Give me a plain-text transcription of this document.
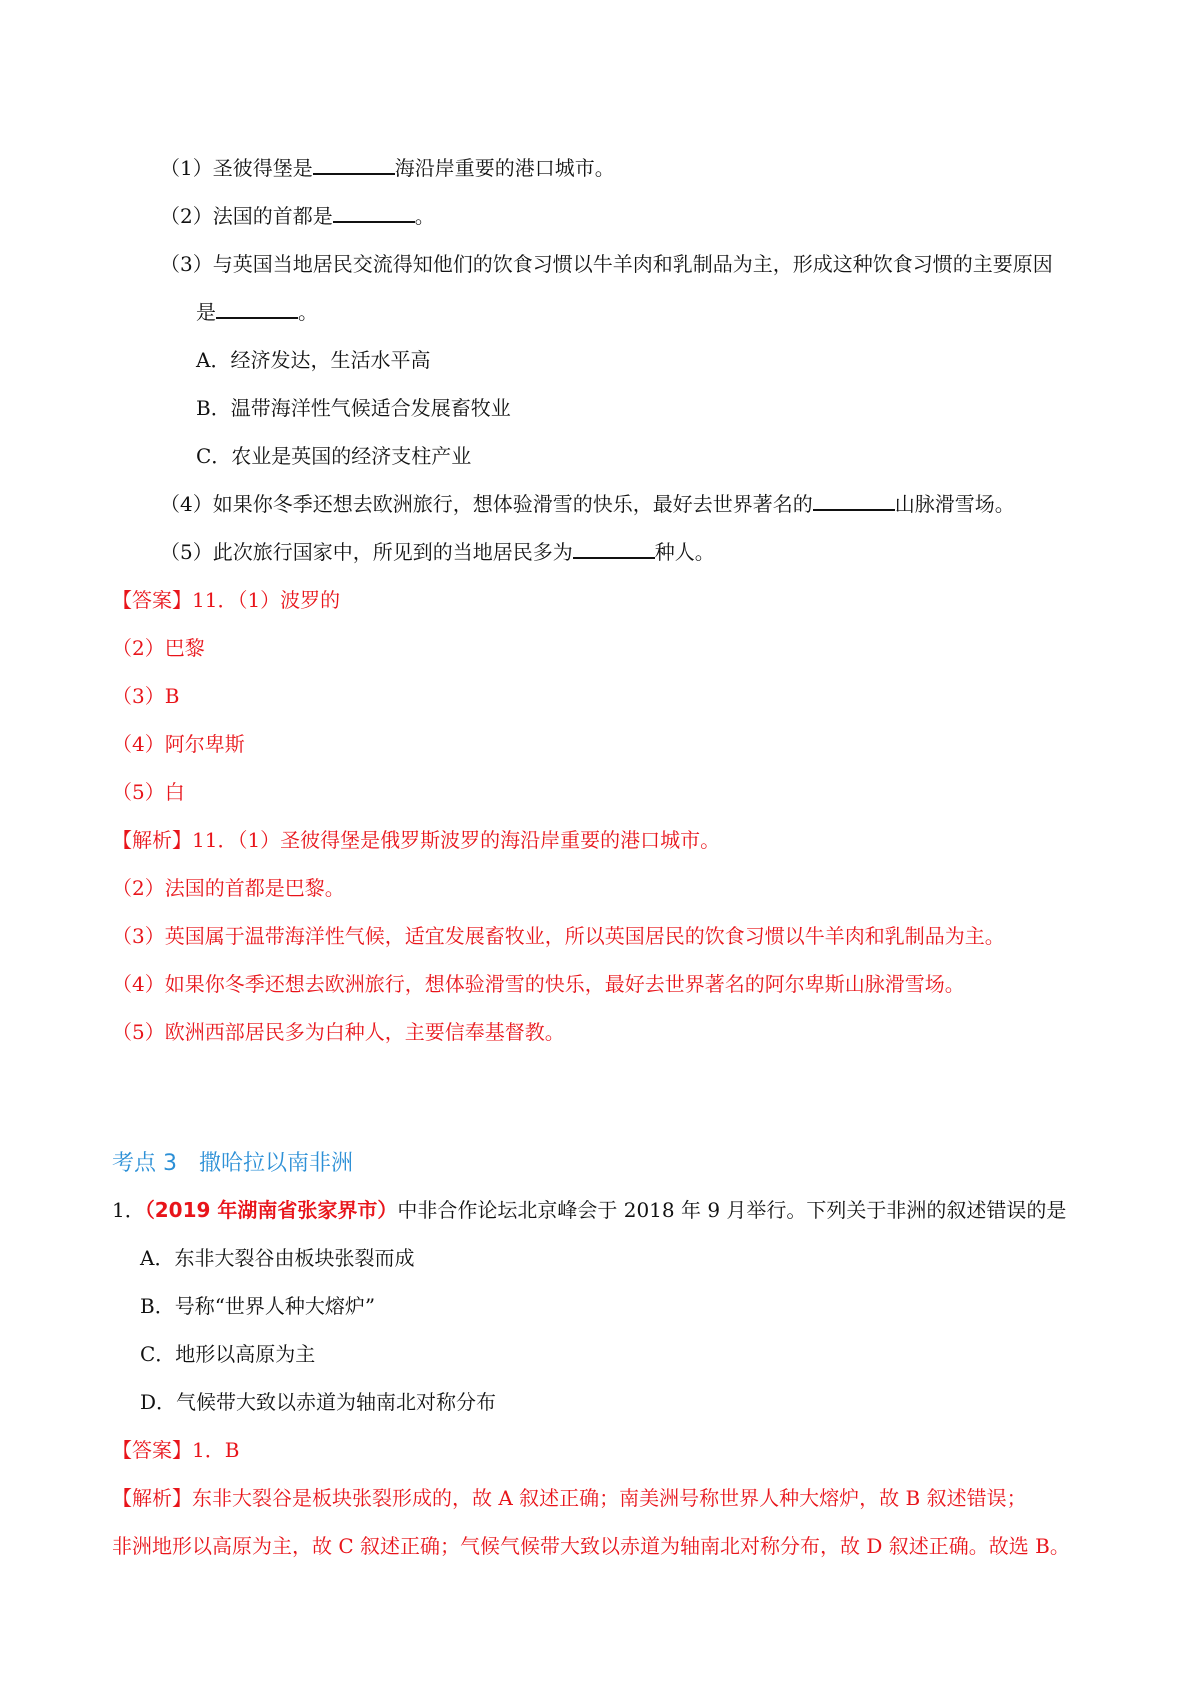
（1）圣彼得堡是	海沿岸重要的港口城市。
（2）法国的首都是	。
（3）与英国当地居民交流得知他们的饮食习惯以牛羊肉和乳制品为主，形成这种饮食习惯的主要原因
是	。
A．经济发达，生活水平高
B．温带海洋性气候适合发展畜牧业
C．农业是英国的经济支柱产业
（4）如果你冬季还想去欧洲旅行，想体验滑雪的快乐，最好去世界著名的	山脉滑雪场。
（5）此次旅行国家中，所见到的当地居民多为	种人。
【答案】11．（1）波罗的
（2）巴黎
（3）B
（4）阿尔卑斯
（5）白
【解析】11．（1）圣彼得堡是俄罗斯波罗的海沿岸重要的港口城市。
（2）法国的首都是巴黎。
（3）英国属于温带海洋性气候，适宜发展畜牧业，所以英国居民的饮食习惯以牛羊肉和乳制品为主。
（4）如果你冬季还想去欧洲旅行，想体验滑雪的快乐，最好去世界著名的阿尔卑斯山脉滑雪场。
（5）欧洲西部居民多为白种人，主要信奉基督教。
考点 3　撒哈拉以南非洲
1．（2019 年湖南省张家界市）中非合作论坛北京峰会于 2018 年 9 月举行。下列关于非洲的叙述错误的是
A．东非大裂谷由板块张裂而成
B．号称“世界人种大熔炉”
C．地形以高原为主
D．气候带大致以赤道为轴南北对称分布
【答案】1．B
【解析】东非大裂谷是板块张裂形成的，故 A 叙述正确；南美洲号称世界人种大熔炉，故 B 叙述错误；
非洲地形以高原为主，故 C 叙述正确；气候气候带大致以赤道为轴南北对称分布，故 D 叙述正确。故选 B。
